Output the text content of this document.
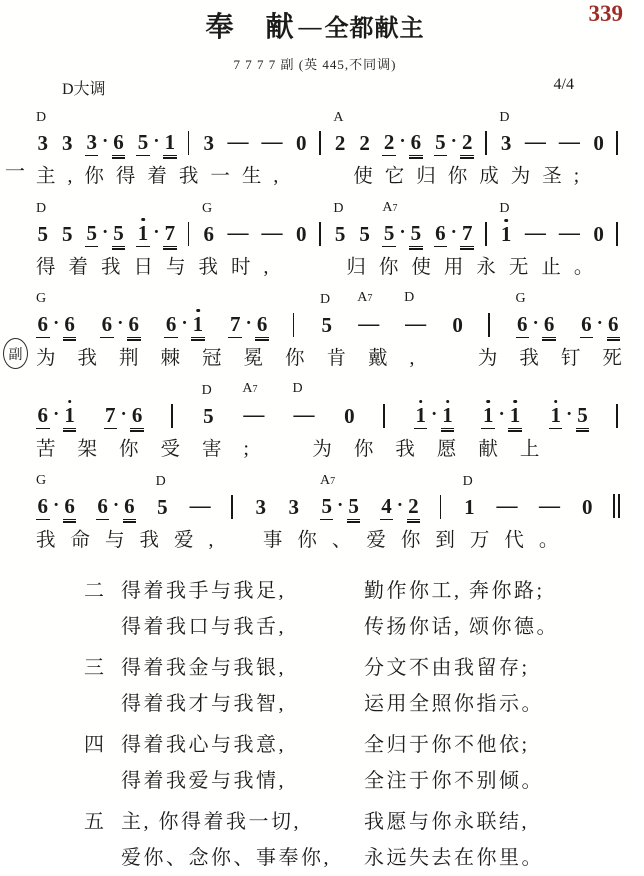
339
奉　献 — 全都献主
7 7 7 7 副 (英 445,不同调)
D大调	4/4
D
3
3
3 · 6
5 · 1

3
—
—
0

A
2
2
2 · 6
5 · 2

D
3
—
—
0

一 主,你得着我一生,　　使它归你成为圣;
D
5
5
5 · 5
1 · 7

G
6
—
—
0

D
5
5
A7
5 · 5
6 · 7

D
1
—
—
0

得着我日与我时,　　归你使用永无止。
G
6 · 6
6 · 6
6 · 1
7 · 6

D
5
A7
—
D
—
0

G
6 · 6
6 · 6
副 为我荆棘冠冕你肯戴,　为我钉死

6 · 1
7 · 6

D
5
A7
—
D
—
0

	1 · 1
1 · 1
1 · 5

苦架你受害;　为你我愿献上
G
6 · 6
6 · 6
D
5
—

3
3
A7
5 · 5
4 · 2

D
1
—
—
0

我命与我爱,　事你、爱你到万代。
二 得着我手与我足,	勤作你工, 奔你路;
得着我口与我舌,	传扬你话, 颂你德。
三 得着我金与我银,	分文不由我留存;
得着我才与我智,	运用全照你指示。
四 得着我心与我意,	全归于你不他依;
得着我爱与我情,	全注于你不别倾。
五 主, 你得着我一切,	我愿与你永联结,
爱你、念你、事奉你,	永远失去在你里。
